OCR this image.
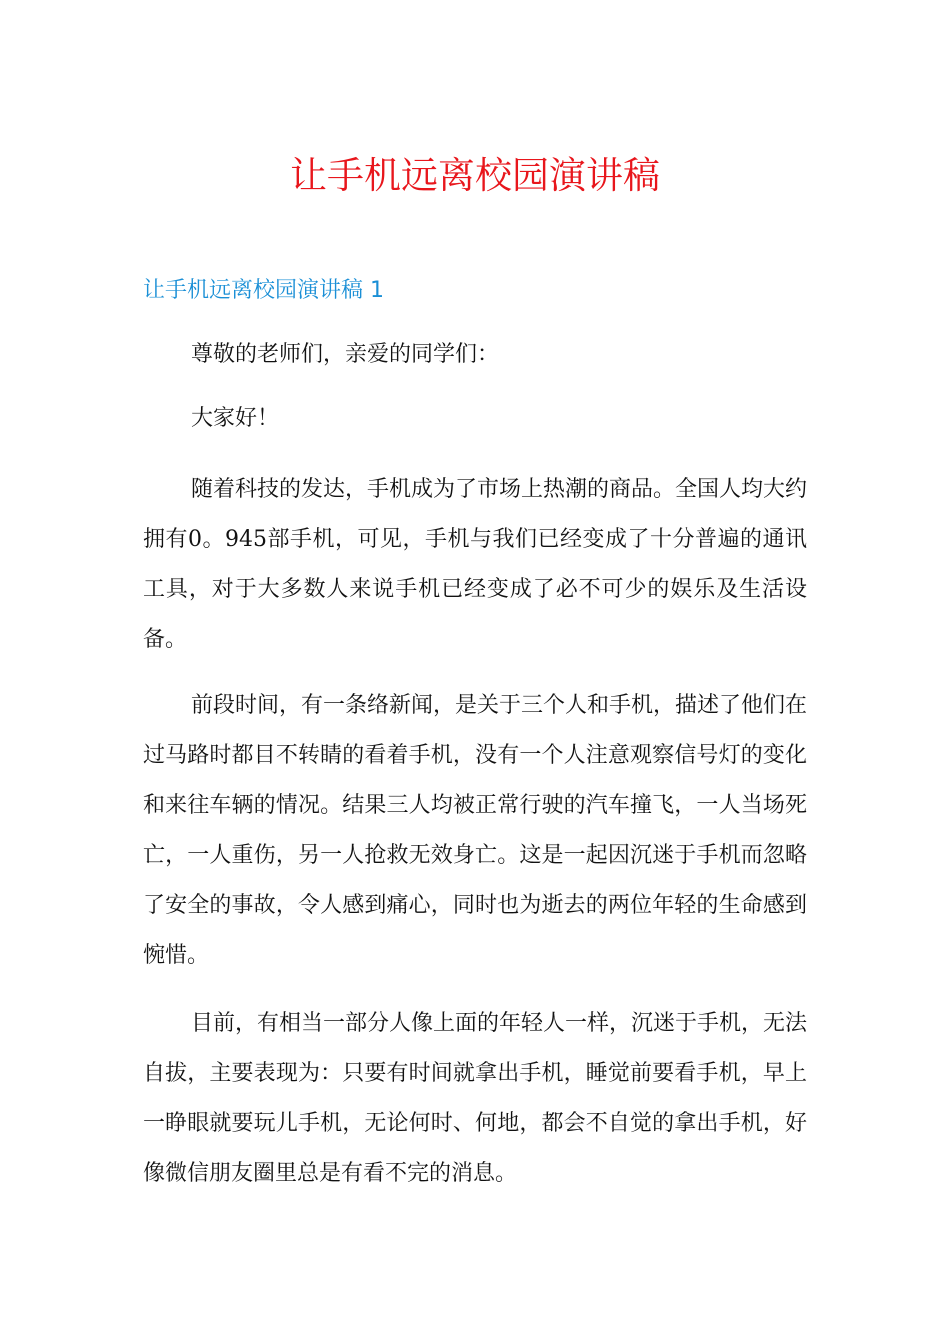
让手机远离校园演讲稿
让手机远离校园演讲稿 1

尊敬的老师们，亲爱的同学们：

大家好！

随着科技的发达，手机成为了市场上热潮的商品。全国人均大约拥有0。945部手机，可见，手机与我们已经变成了十分普遍的通讯工具，对于大多数人来说手机已经变成了必不可少的娱乐及生活设备。

前段时间，有一条络新闻，是关于三个人和手机，描述了他们在过马路时都目不转睛的看着手机，没有一个人注意观察信号灯的变化和来往车辆的情况。结果三人均被正常行驶的汽车撞飞，一人当场死亡，一人重伤，另一人抢救无效身亡。这是一起因沉迷于手机而忽略了安全的事故，令人感到痛心，同时也为逝去的两位年轻的生命感到惋惜。

目前，有相当一部分人像上面的年轻人一样，沉迷于手机，无法自拔，主要表现为：只要有时间就拿出手机，睡觉前要看手机，早上一睁眼就要玩儿手机，无论何时、何地，都会不自觉的拿出手机，好像微信朋友圈里总是有看不完的消息。
